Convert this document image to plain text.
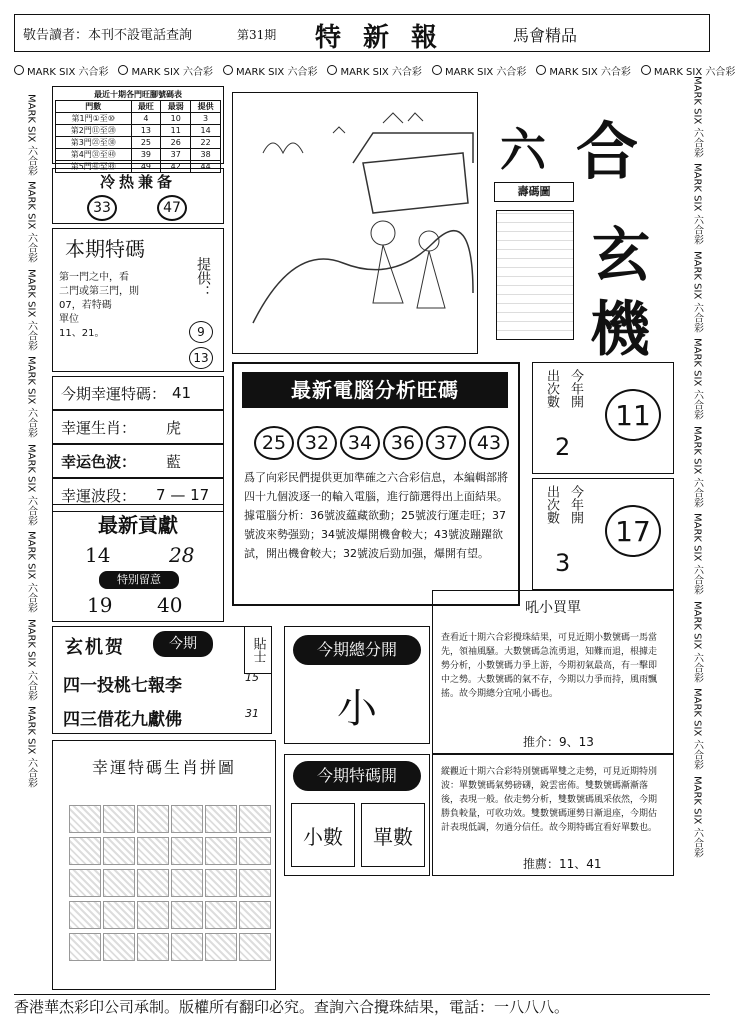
敬告讀者：本刊不設電話查詢	第31期 特新報	馬會精品
MARK SIX 六合彩 MARK SIX 六合彩 MARK SIX 六合彩 MARK SIX 六合彩 MARK SIX 六合彩 MARK SIX 六合彩 MARK SIX 六合彩
MARK SIX 六合彩
MARK SIX 六合彩
MARK SIX 六合彩
MARK SIX 六合彩
MARK SIX 六合彩
MARK SIX 六合彩
MARK SIX 六合彩
MARK SIX 六合彩
MARK SIX 六合彩
MARK SIX 六合彩
MARK SIX 六合彩
MARK SIX 六合彩
MARK SIX 六合彩
MARK SIX 六合彩
MARK SIX 六合彩
MARK SIX 六合彩
MARK SIX 六合彩
最近十期各門旺腳號碼表
門數	最旺	最弱	提供
第1門①至⑩	4	10	3
第2門⑪至⑳	13	11	14
第3門㉑至㉚	25	26	22
第4門㉛至㊵	39	37	38
第5門㊶至㊾	49	42	44
冷热兼备
33	47
本期特碼
提供：
第一門之中，看
二門或第三門，則
07，若特碼
單位
11、21。	9
13
今期幸運特碼： 41
幸運生肖： 虎
幸运色波： 藍
幸運波段： 7 — 17
最新貢獻
14	28
特别留意
19 40
玄机贺	今期
四一投桃七報李
四三借花九獻佛
15
31
貼士
幸運特碼生肖拼圖
六 合
玄
機
壽碼圖
最新電腦分析旺碼
25 32 34 36 37 43
爲了向彩民們提供更加準確之六合彩信息，本編輯部將四十九個波逐一的輸入電腦，進行篩選得出上面結果。據電腦分析：36號波藴藏欲動；25號波行運走旺；37號波來勢强勁；34號波爆開機會較大；43號波蹦躍欲試，開出機會較大；32號波后勁加强，爆開有望。
出次數 今年開
2
11
出次數 今年開
3
17
今期總分開
小
吼小買單
查看近十期六合彩攪珠結果，可見近期小數號碼一馬當先，領袖風騷。大數號碼急流勇退，知難而退，根據走勢分析，小數號碼力爭上游，今期初氣最高，有一擊即中之勢。大數號碼的氣不存，今期以力爭而持，風雨飄搖。故今期總分宜吼小碼也。
推介：9、13
今期特碼開
小數	單數
縱觀近十期六合彩特別號碼單雙之走勢，可見近期特別波：單數號碼氣勢磅礴，銳雲密佈。雙數號碼漸漸落後，表現一般。依走勢分析，雙數號碼風采依然，今期勝負較量，可收功效。雙數號碼運勢日漸退座，今期估計表現低調，勿過分信任。故今期特碼宜看好單數也。
推薦：11、41
香港華杰彩印公司承制。版權所有翻印必究。查詢六合攪珠結果，電話：一八八八。
